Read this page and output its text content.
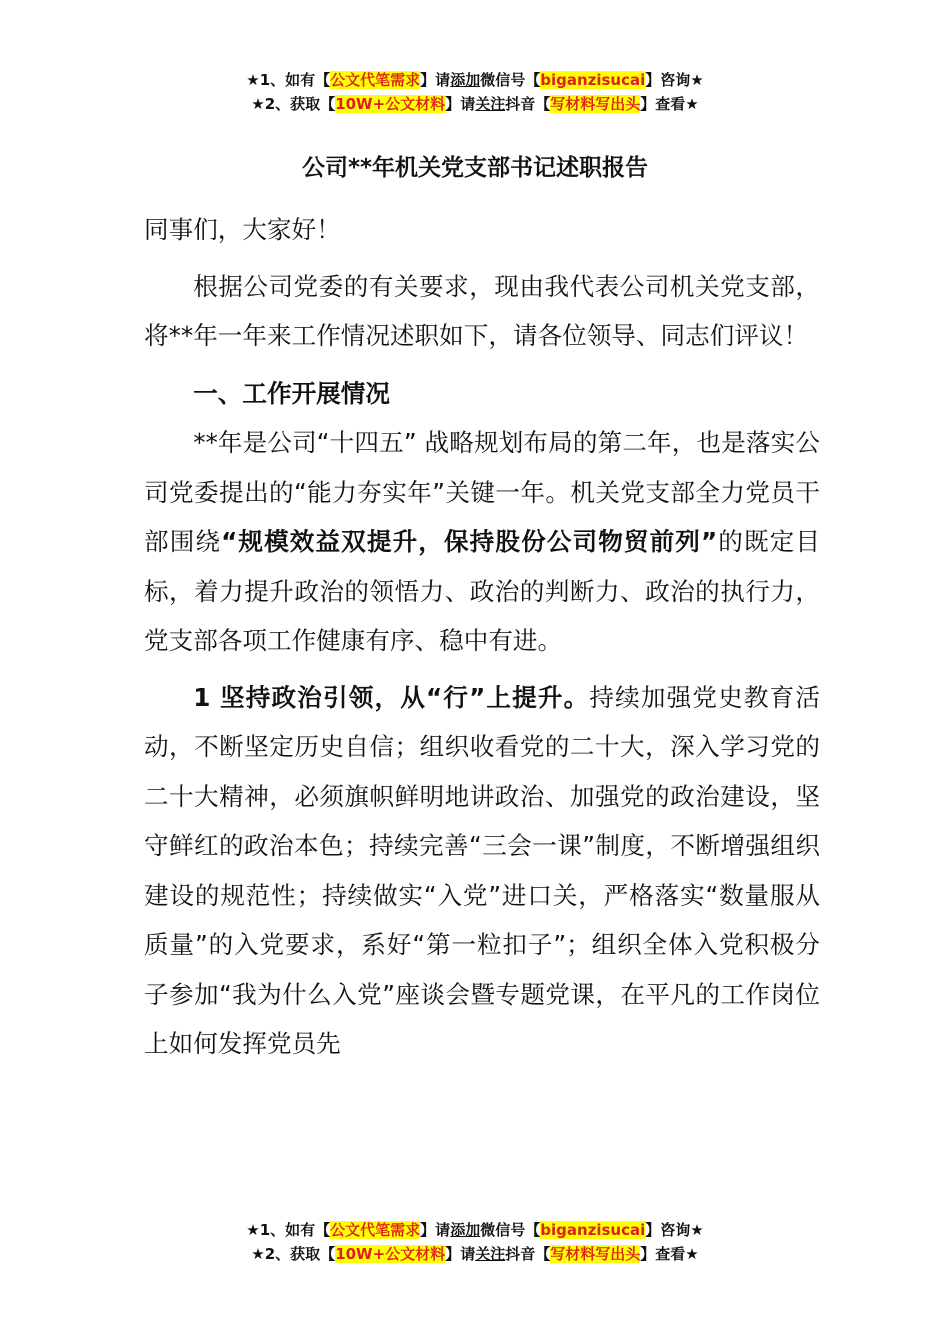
★1、如有【公文代笔需求】请添加微信号【biganzisucai】咨询★
★2、获取【10W+公文材料】请关注抖音【写材料写出头】查看★
公司**年机关党支部书记述职报告

同事们，大家好！

根据公司党委的有关要求，现由我代表公司机关党支部，将**年一年来工作情况述职如下，请各位领导、同志们评议！

一、工作开展情况

**年是公司“十四五” 战略规划布局的第二年，也是落实公司党委提出的“能力夯实年”关键一年。机关党支部全力党员干部围绕“规模效益双提升，保持股份公司物贸前列”的既定目标，着力提升政治的领悟力、政治的判断力、政治的执行力，党支部各项工作健康有序、稳中有进。

1 坚持政治引领，从“行”上提升。持续加强党史教育活动，不断坚定历史自信；组织收看党的二十大，深入学习党的二十大精神，必须旗帜鲜明地讲政治、加强党的政治建设，坚守鲜红的政治本色；持续完善“三会一课”制度，不断增强组织建设的规范性；持续做实“入党”进口关，严格落实“数量服从质量”的入党要求，系好“第一粒扣子”；组织全体入党积极分子参加“我为什么入党”座谈会暨专题党课，在平凡的工作岗位上如何发挥党员先

★1、如有【公文代笔需求】请添加微信号【biganzisucai】咨询★
★2、获取【10W+公文材料】请关注抖音【写材料写出头】查看★
